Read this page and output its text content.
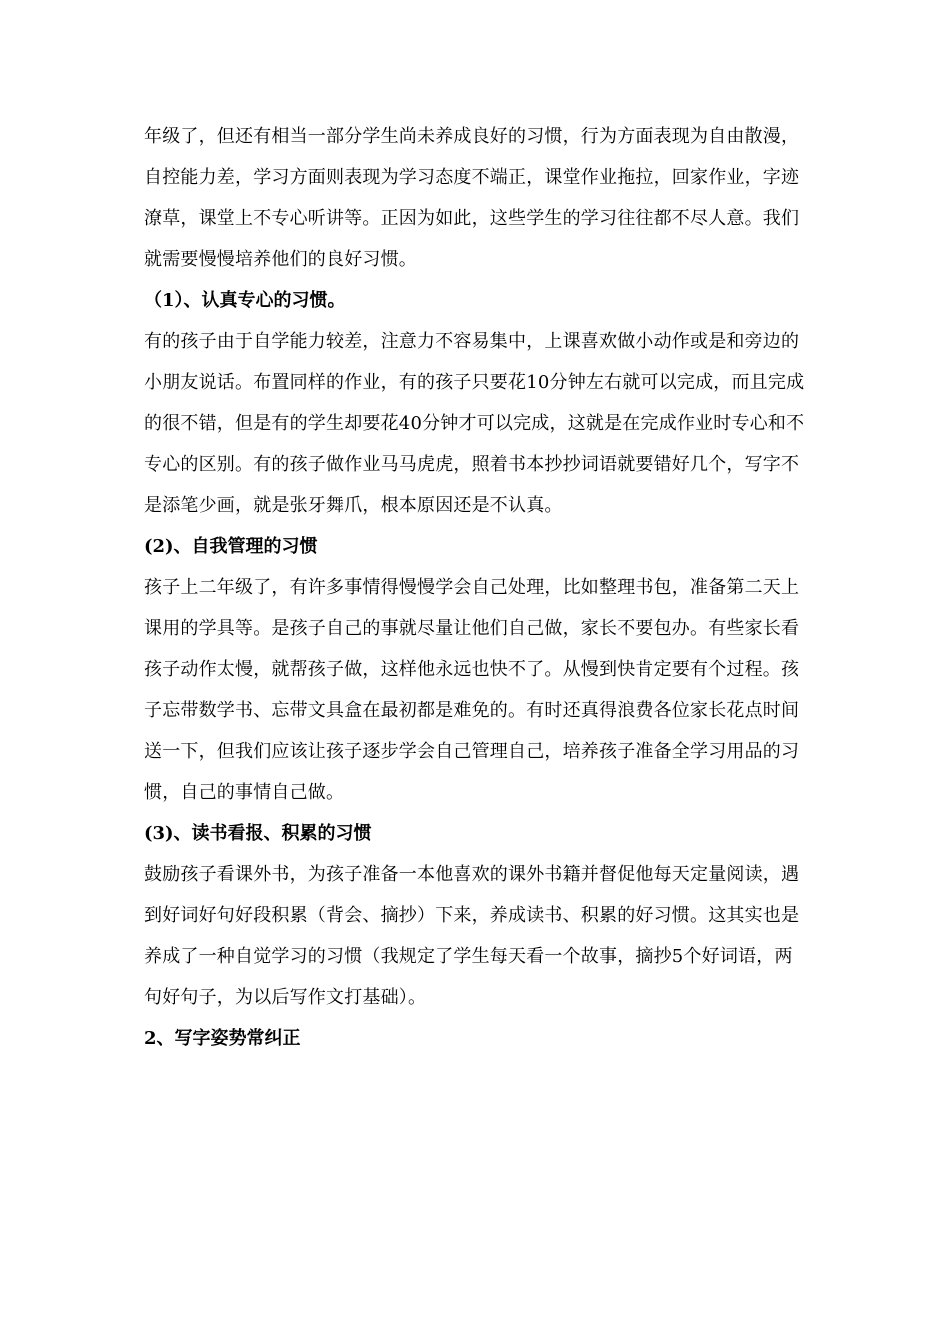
年级了，但还有相当一部分学生尚未养成良好的习惯，行为方面表现为自由散漫，自控能力差，学习方面则表现为学习态度不端正，课堂作业拖拉，回家作业，字迹潦草，课堂上不专心听讲等。正因为如此，这些学生的学习往往都不尽人意。我们就需要慢慢培养他们的良好习惯。

（1）、认真专心的习惯。

有的孩子由于自学能力较差，注意力不容易集中，上课喜欢做小动作或是和旁边的小朋友说话。布置同样的作业，有的孩子只要花10分钟左右就可以完成，而且完成的很不错，但是有的学生却要花40分钟才可以完成，这就是在完成作业时专心和不专心的区别。有的孩子做作业马马虎虎，照着书本抄抄词语就要错好几个，写字不是添笔少画，就是张牙舞爪，根本原因还是不认真。

(2)、自我管理的习惯

孩子上二年级了，有许多事情得慢慢学会自己处理，比如整理书包，准备第二天上课用的学具等。是孩子自己的事就尽量让他们自己做，家长不要包办。有些家长看孩子动作太慢，就帮孩子做，这样他永远也快不了。从慢到快肯定要有个过程。孩子忘带数学书、忘带文具盒在最初都是难免的。有时还真得浪费各位家长花点时间送一下，但我们应该让孩子逐步学会自己管理自己，培养孩子准备全学习用品的习惯，自己的事情自己做。

(3)、读书看报、积累的习惯

鼓励孩子看课外书，为孩子准备一本他喜欢的课外书籍并督促他每天定量阅读，遇到好词好句好段积累（背会、摘抄）下来，养成读书、积累的好习惯。这其实也是养成了一种自觉学习的习惯（我规定了学生每天看一个故事，摘抄5个好词语，两句好句子，为以后写作文打基础）。

2、写字姿势常纠正
